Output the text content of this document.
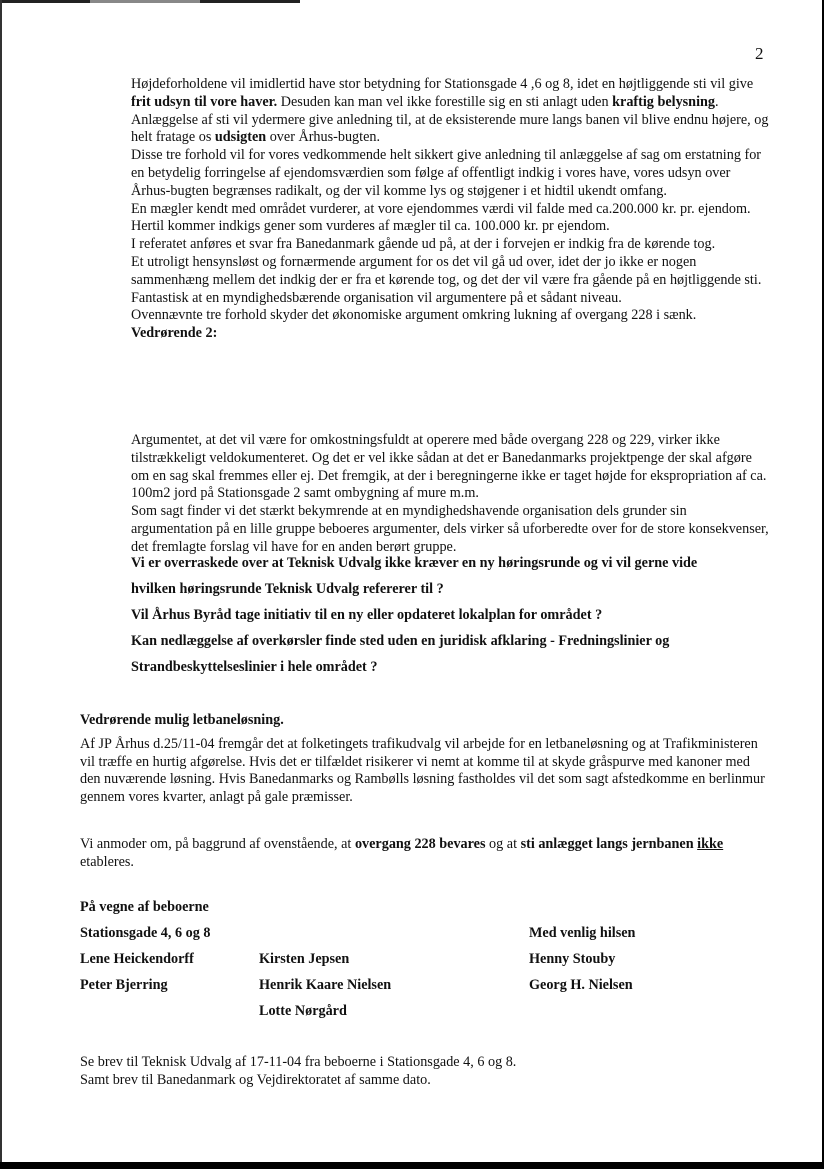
2
Højdeforholdene vil imidlertid have stor betydning for Stationsgade 4 ,6 og 8, idet en højtliggende sti vil give frit udsyn til vore haver. Desuden kan man vel ikke forestille sig en sti anlagt uden kraftig belysning.
Anlæggelse af sti vil ydermere give anledning til, at de eksisterende mure langs banen vil blive endnu højere, og helt fratage os udsigten over Århus-bugten.
Disse tre forhold vil for vores vedkommende helt sikkert give anledning til anlæggelse af sag om erstatning for en betydelig forringelse af ejendomsværdien som følge af offentligt indkig i vores have, vores udsyn over Århus-bugten begrænses radikalt, og der vil komme lys og støjgener i et hidtil ukendt omfang.
En mægler kendt med området vurderer, at vore ejendommes værdi vil falde med ca.200.000 kr. pr. ejendom.
Hertil kommer indkigs gener som vurderes af mægler til ca. 100.000 kr. pr ejendom.
I referatet anføres et svar fra Banedanmark gående ud på, at der i forvejen er indkig fra de kørende tog.
Et utroligt hensynsløst og fornærmende argument for os det vil gå ud over, idet der jo ikke er nogen sammenhæng mellem det indkig der er fra et kørende tog, og det der vil være fra gående på en højtliggende sti. Fantastisk at en myndighedsbærende organisation vil argumentere på et sådant niveau.
Ovennævnte tre forhold skyder det økonomiske argument omkring lukning af overgang 228 i sænk.
Vedrørende 2:
Argumentet, at det vil være for omkostningsfuldt at operere med både overgang 228 og 229, virker ikke tilstrækkeligt veldokumenteret. Og det er vel ikke sådan at det er Banedanmarks projektpenge der skal afgøre om en sag skal fremmes eller ej. Det fremgik, at der i beregningerne ikke er taget højde for ekspropriation af ca. 100m2 jord på Stationsgade 2 samt ombygning af mure m.m.
Som sagt finder vi det stærkt bekymrende at en myndighedshavende organisation dels grunder sin argumentation på en lille gruppe beboeres argumenter, dels virker så uforberedte over for de store konsekvenser, det fremlagte forslag vil have for en anden berørt gruppe.
Vi er overraskede over at Teknisk Udvalg ikke kræver en ny høringsrunde og vi vil gerne vide
hvilken høringsrunde Teknisk Udvalg refererer til ?
Vil Århus Byråd tage initiativ til en ny eller opdateret lokalplan for området ?
Kan nedlæggelse af overkørsler finde sted uden en juridisk afklaring - Fredningslinier og
Strandbeskyttelseslinier i hele området ?
Vedrørende mulig letbaneløsning.
Af JP Århus d.25/11-04 fremgår det at folketingets trafikudvalg vil arbejde for en letbaneløsning og at Trafikministeren vil træffe en hurtig afgørelse. Hvis det er tilfældet risikerer vi nemt at komme til at skyde gråspurve med kanoner med den nuværende løsning. Hvis Banedanmarks og Rambølls løsning fastholdes vil det som sagt afstedkomme en berlinmur gennem vores kvarter, anlagt på gale præmisser.
Vi anmoder om, på baggrund af ovenstående, at overgang 228 bevares og at sti anlægget langs jernbanen ikke etableres.
På vegne af beboerne
Stationsgade 4, 6 og 8	Med venlig hilsen
Lene Heickendorff
Peter Bjerring
Kirsten Jepsen
Henrik Kaare Nielsen
Lotte Nørgård
Henny Stouby
Georg H. Nielsen
Se brev til Teknisk Udvalg af 17-11-04 fra beboerne i Stationsgade 4, 6 og 8.
Samt brev til Banedanmark og Vejdirektoratet af samme dato.
